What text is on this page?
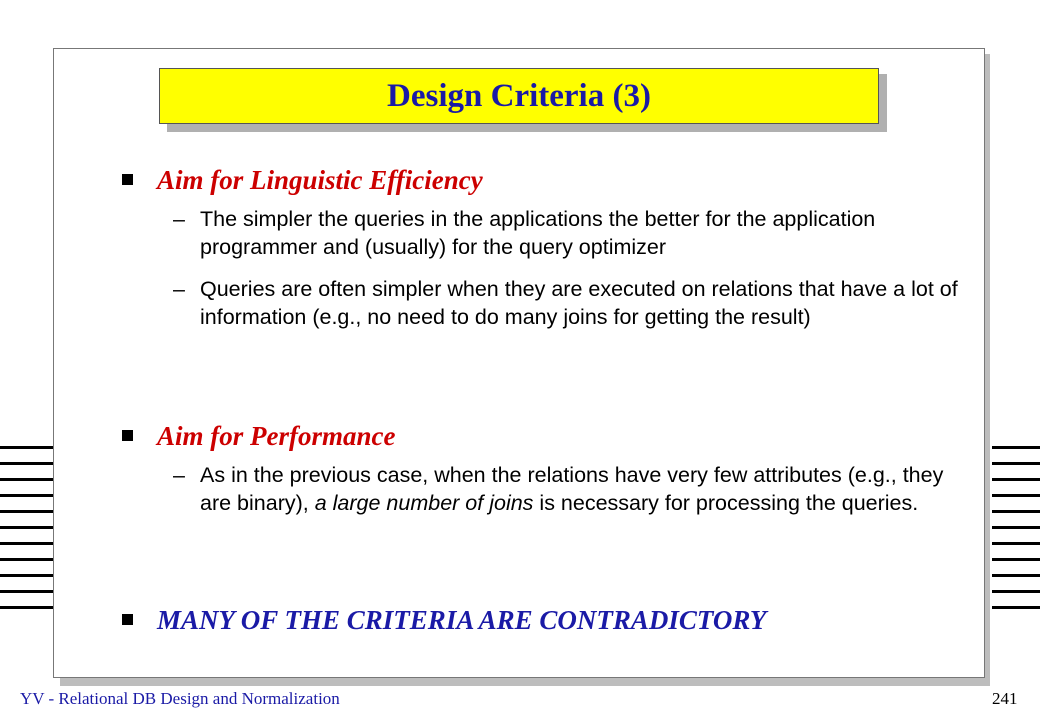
Design Criteria (3)
Aim for Linguistic Efficiency
– The simpler the queries in the applications the better for the application programmer and (usually) for the query optimizer
– Queries are often simpler when they are executed on relations that have a lot of information (e.g., no need to do many joins for getting the result)
Aim for Performance
– As in the previous case, when the relations have very few attributes (e.g., they are binary), a large number of joins is necessary for processing the queries.
MANY OF THE CRITERIA ARE CONTRADICTORY
YV - Relational DB Design and Normalization	241
